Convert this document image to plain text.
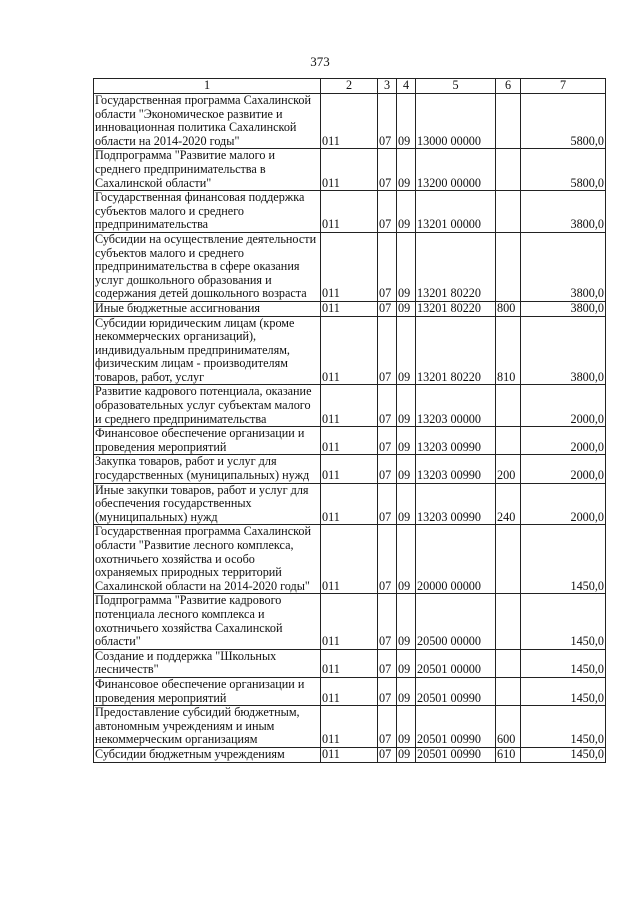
373
1	2	3	4	5	6	7
Государственная программа Сахалинской области "Экономическое развитие и инновационная политика Сахалинской области на 2014-2020 годы"	011	07	09	13000 00000		5800,0
Подпрограмма "Развитие малого и среднего предпринимательства в Сахалинской области"	011	07	09	13200 00000		5800,0
Государственная финансовая поддержка субъектов малого и среднего предпринимательства	011	07	09	13201 00000		3800,0
Субсидии на осуществление деятельности субъектов малого и среднего предпринимательства в сфере оказания услуг дошкольного образования и содержания детей дошкольного возраста	011	07	09	13201 80220		3800,0
Иные бюджетные ассигнования	011	07	09	13201 80220	800	3800,0
Субсидии юридическим лицам (кроме некоммерческих организаций), индивидуальным предпринимателям, физическим лицам - производителям товаров, работ, услуг	011	07	09	13201 80220	810	3800,0
Развитие кадрового потенциала, оказание образовательных услуг субъектам малого и среднего предпринимательства	011	07	09	13203 00000		2000,0
Финансовое обеспечение организации и проведения мероприятий	011	07	09	13203 00990		2000,0
Закупка товаров, работ и услуг для государственных (муниципальных) нужд	011	07	09	13203 00990	200	2000,0
Иные закупки товаров, работ и услуг для обеспечения государственных (муниципальных) нужд	011	07	09	13203 00990	240	2000,0
Государственная программа Сахалинской области "Развитие лесного комплекса, охотничьего хозяйства и особо охраняемых природных территорий Сахалинской области на 2014-2020 годы"	011	07	09	20000 00000		1450,0
Подпрограмма "Развитие кадрового потенциала лесного комплекса и охотничьего хозяйства Сахалинской области"	011	07	09	20500 00000		1450,0
Создание и поддержка "Школьных лесничеств"	011	07	09	20501 00000		1450,0
Финансовое обеспечение организации и проведения мероприятий	011	07	09	20501 00990		1450,0
Предоставление субсидий бюджетным, автономным учреждениям и иным некоммерческим организациям	011	07	09	20501 00990	600	1450,0
Субсидии бюджетным учреждениям	011	07	09	20501 00990	610	1450,0
